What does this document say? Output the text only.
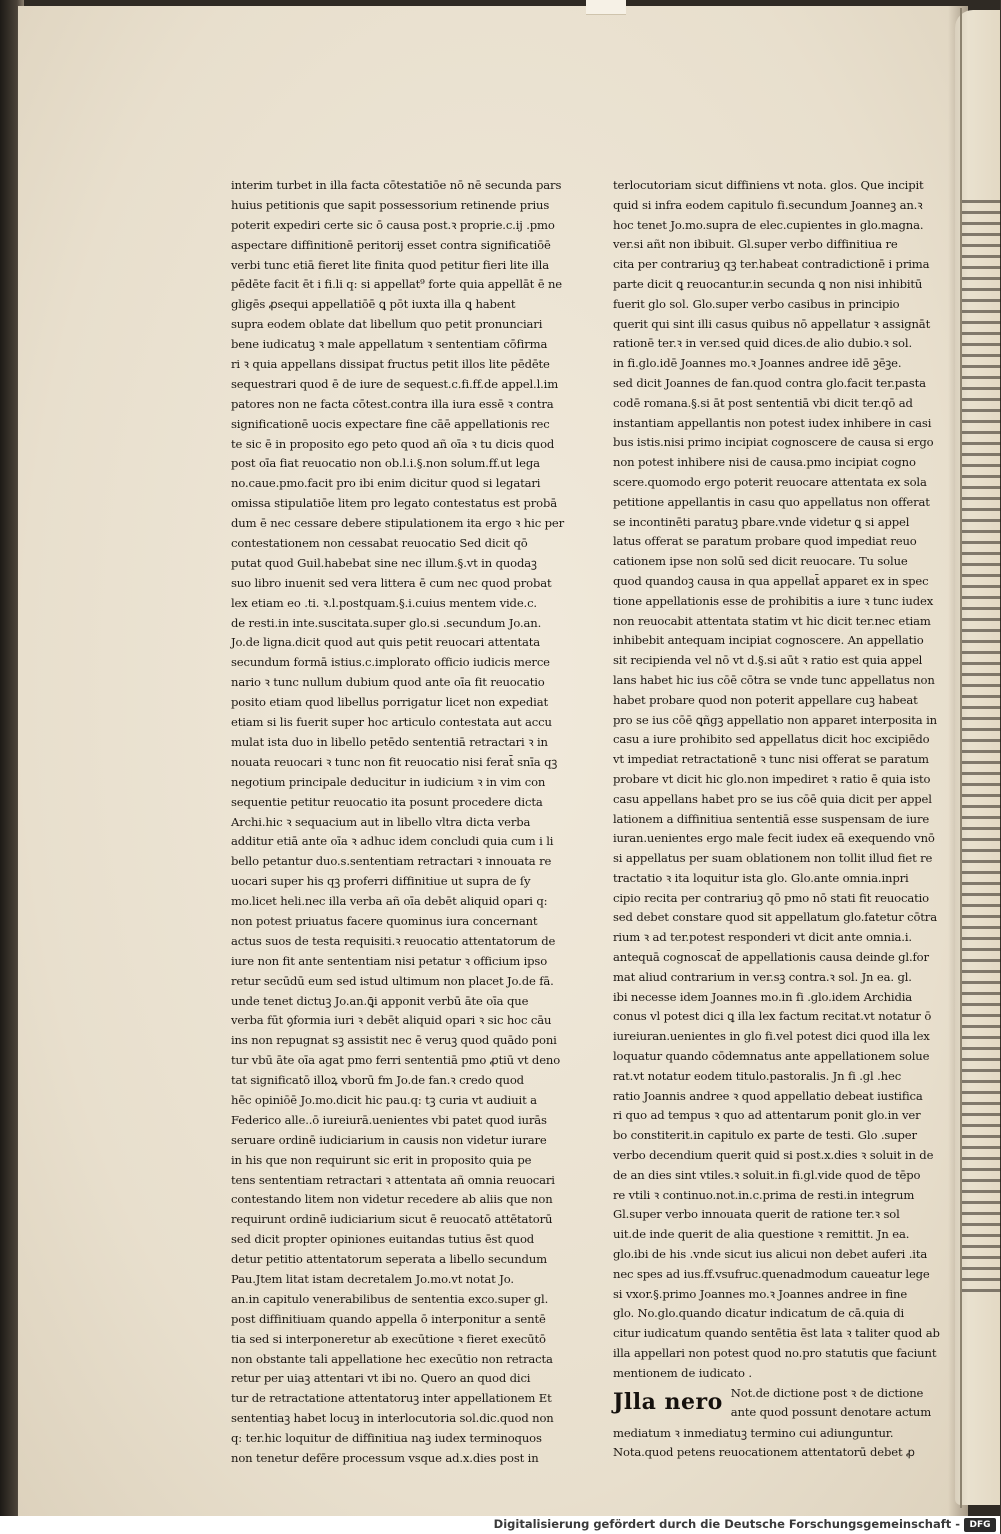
interim turbet in illa facta cōtestatiōe nō nē secunda pars
huius petitionis que sapit possessorium retinende prius
poterit expediri certe sic ō causa post.ꝛ proprie.c.ij .pmo
aspectare diffinitionē peritorij esset contra significatiōē
verbi tunc etiā fieret lite finita quod petitur fieri lite illa
pēdēte facit ēt i fi.li q: si appellat⁹ forte quia appellāt ē ne
gligēs ꝓsequi appellatiōē ꝗ pōt iuxta illa ꝗ habent
supra eodem oblate dat libellum quo petit pronunciari
bene iudicatuꝫ ꝛ male appellatum ꝛ sententiam cōfirma
ri ꝛ quia appellans dissipat fructus petit illos lite pēdēte
sequestrari quod ē de iure de sequest.c.fi.ff.de appel.l.im
patores non ne facta cōtest.contra illa iura essē ꝛ contra
significationē uocis expectare fine cāē appellationis rec
te sic ē in proposito ego peto quod añ oīa ꝛ tu dicis quod
post oīa fiat reuocatio non ob.l.i.§.non solum.ff.ut lega
no.caue.pmo.facit pro ibi enim dicitur quod si legatari
omissa stipulatiōe litem pro legato contestatus est probā
dum ē nec cessare debere stipulationem ita ergo ꝛ hic per
contestationem non cessabat reuocatio Sed dicit qō
putat quod Guil.habebat sine nec illum.§.vt in quodaꝫ
suo libro inuenit sed vera littera ē cum nec quod probat
lex etiam eo .ti. ꝛ.l.postquam.§.i.cuius mentem vide.c.
de resti.in inte.suscitata.super glo.si .secundum Jo.an.
Jo.de ligna.dicit quod aut quis petit reuocari attentata
secundum formā istius.c.implorato officio iudicis merce
nario ꝛ tunc nullum dubium quod ante oīa fit reuocatio
posito etiam quod libellus porrigatur licet non expediat
etiam si lis fuerit super hoc articulo contestata aut accu
mulat ista duo in libello petēdo sententiā retractari ꝛ in
nouata reuocari ꝛ tunc non fit reuocatio nisi ferat̄ snīa qꝫ
negotium principale deducitur in iudicium ꝛ in vim con
sequentie petitur reuocatio ita posunt procedere dicta
Archi.hic ꝛ sequacium aut in libello vltra dicta verba
additur etiā ante oīa ꝛ adhuc idem concludi quia cum i li
bello petantur duo.s.sententiam retractari ꝛ innouata re
uocari super his qꝫ proferri diffinitiue ut supra de ſy
mo.licet heli.nec illa verba añ oīa debēt aliquid opari q:
non potest priuatus facere quominus iura concernant
actus suos de testa requisiti.ꝛ reuocatio attentatorum de
iure non fit ante sententiam nisi petatur ꝛ officium ipso
retur secūdū eum sed istud ultimum non placet Jo.de fā.
unde tenet dictuꝫ Jo.an.ꝗ̄i apponit verbū āte oīa que
verba fūt ꝯformia iuri ꝛ debēt aliquid opari ꝛ sic hoc cāu
ins non repugnat sꝫ assistit nec ē veruꝫ quod quādo poni
tur vbū āte oīa agat pmo ferri sententiā pmo ꝓtiū vt deno
tat significatō illoꝝ vborū fm Jo.de fan.ꝛ credo quod
hēc opiniōē Jo.mo.dicit hic pau.q: tꝫ curia vt audiuit a
Federico alle..ō iureiurā.uenientes vbi patet quod iurās
seruare ordinē iudiciarium in causis non videtur iurare
in his que non requirunt sic erit in proposito quia pe
tens sententiam retractari ꝛ attentata añ omnia reuocari
contestando litem non videtur recedere ab aliis que non
requirunt ordinē iudiciarium sicut ē reuocatō attētatorū
sed dicit propter opiniones euitandas tutius ēst quod
detur petitio attentatorum seperata a libello secundum
Pau.Jtem litat istam decretalem Jo.mo.vt notat Jo.
an.in capitulo venerabilibus de sententia exco.super gl.
post diffinitiuam quando appella ō interponitur a sentē
tia sed si interponeretur ab execūtione ꝛ fieret execūtō
non obstante tali appellatione hec execūtio non retracta
retur per uiaꝫ attentari vt ibi no. Quero an quod dici
tur de retractatione attentatoruꝫ inter appellationem Et
sententiaꝫ habet locuꝫ in interlocutoria sol.dic.quod non
q: ter.hic loquitur de diffinitiua naꝫ iudex terminoquos
non tenetur defēre processum vsque ad.x.dies post in
terlocutoriam sicut diffiniens vt nota. glos. Que incipit
quid si infra eodem capitulo fi.secundum Joanneꝫ an.ꝛ
hoc tenet Jo.mo.supra de elec.cupientes in glo.magna.
ver.si añt non ibibuit. Gl.super verbo diffinitiua re
cita per contrariuꝫ qꝫ ter.habeat contradictionē i prima
parte dicit ꝗ reuocantur.in secunda ꝗ non nisi inhibitū
fuerit glo sol. Glo.super verbo casibus in principio
querit qui sint illi casus quibus nō appellatur ꝛ assignāt
rationē ter.ꝛ in ver.sed quid dices.de alio dubio.ꝛ sol.
in fi.glo.idē Joannes mo.ꝛ Joannes andree idē ꝫēꝫe.
sed dicit Joannes de fan.quod contra glo.facit ter.pasta
codē romana.§.si āt post sententiā vbi dicit ter.qō ad
instantiam appellantis non potest iudex inhibere in casi
bus istis.nisi primo incipiat cognoscere de causa si ergo
non potest inhibere nisi de causa.pmo incipiat cogno
scere.quomodo ergo poterit reuocare attentata ex sola
petitione appellantis in casu quo appellatus non offerat
se incontinēti paratuꝫ pbare.vnde videtur ꝗ si appel
latus offerat se paratum probare quod impediat reuo
cationem ipse non solū sed dicit reuocare. Tu solue
quod quandoꝫ causa in qua appellat̄ apparet ex in spec
tione appellationis esse de prohibitis a iure ꝛ tunc iudex
non reuocabit attentata statim vt hic dicit ter.nec etiam
inhibebit antequam incipiat cognoscere. An appellatio
sit recipienda vel nō vt d.§.si aūt ꝛ ratio est quia appel
lans habet hic ius cōē cōtra se vnde tunc appellatus non
habet probare quod non poterit appellare cuꝫ habeat
pro se ius cōē ꝗñgꝫ appellatio non apparet interposita in
casu a iure prohibito sed appellatus dicit hoc excipiēdo
vt impediat retractationē ꝛ tunc nisi offerat se paratum
probare vt dicit hic glo.non impediret ꝛ ratio ē quia isto
casu appellans habet pro se ius cōē quia dicit per appel
lationem a diffinitiua sententiā esse suspensam de iure
iuran.uenientes ergo male fecit iudex eā exequendo vnō
si appellatus per suam oblationem non tollit illud fiet re
tractatio ꝛ ita loquitur ista glo. Glo.ante omnia.inpri
cipio recita per contrariuꝫ qō pmo nō stati fit reuocatio
sed debet constare quod sit appellatum glo.fatetur cōtra
rium ꝛ ad ter.potest responderi vt dicit ante omnia.i.
antequā cognoscat̄ de appellationis causa deinde gl.for
mat aliud contrarium in ver.sꝫ contra.ꝛ sol. Jn ea. gl.
ibi necesse idem Joannes mo.in fi .glo.idem Archidia
conus vl potest dici ꝗ illa lex factum recitat.vt notatur ō
iureiuran.uenientes in glo fi.vel potest dici quod illa lex
loquatur quando cōdemnatus ante appellationem solue
rat.vt notatur eodem titulo.pastoralis. Jn fi .gl .hec
ratio Joannis andree ꝛ quod appellatio debeat iustifica
ri quo ad tempus ꝛ quo ad attentarum ponit glo.in ver
bo constiterit.in capitulo ex parte de testi. Glo .super
verbo decendium querit quid si post.x.dies ꝛ soluit in de
de an dies sint vtiles.ꝛ soluit.in fi.gl.vide quod de tēpo
re vtili ꝛ continuo.not.in.c.prima de resti.in integrum
Gl.super verbo innouata querit de ratione ter.ꝛ sol
uit.de inde querit de alia questione ꝛ remittit. Jn ea.
glo.ibi de his .vnde sicut ius alicui non debet auferi .ita
nec spes ad ius.ff.vsufruc.quenadmodum caueatur lege
si vxor.§.primo Joannes mo.ꝛ Joannes andree in fine
glo. No.glo.quando dicatur indicatum de cā.quia di
citur iudicatum quando sentētia ēst lata ꝛ taliter quod ab
illa appellari non potest quod no.pro statutis que faciunt
mentionem de iudicato .
Jlla nero Not.de dictione post ꝛ de dictione
ante quod possunt denotare actum
mediatum ꝛ inmediatuꝫ termino cui adiunguntur.
Nota.quod petens reuocationem attentatorū debet ꝓ
Digitalisierung gefördert durch die Deutsche Forschungsgemeinschaft -	DFG
